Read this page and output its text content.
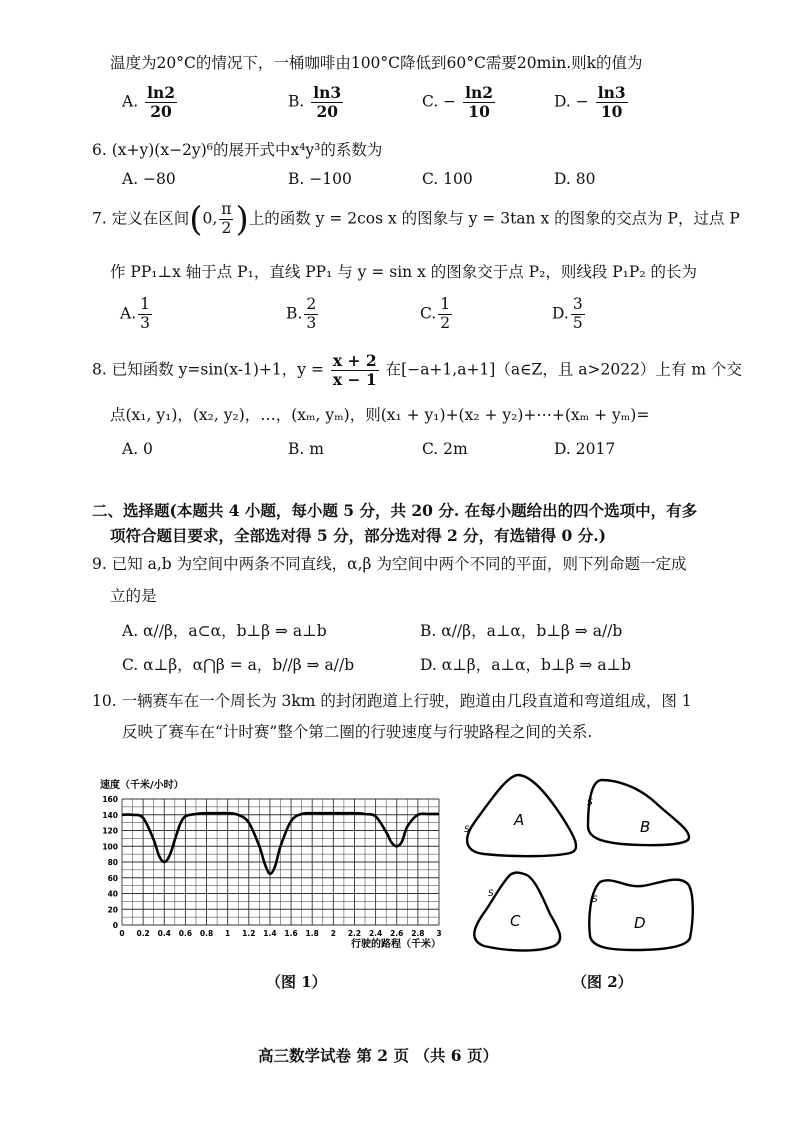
温度为20°C的情况下，一桶咖啡由100°C降低到60°C需要20min.则k的值为
A. $\frac{\ln 2}{20}$	B. $\frac{\ln 3}{20}$	C. − $\frac{\ln 2}{10}$	D. − $\frac{\ln 3}{10}$
6. (x+y)(x−2y)⁶的展开式中x⁴y³的系数为
A. −80	B. −100	C. 100	D. 80
7. 定义在区间(0, $\frac{\pi}{2}$ )上的函数 y = 2cos x 的图象与 y = 3tan x 的图象的交点为 P，过点 P
作 PP₁⊥x 轴于点 P₁，直线 PP₁ 与 y = sin x 的图象交于点 P₂，则线段 P₁P₂ 的长为
A. $\frac{1}{3}$	B. $\frac{2}{3}$	C. $\frac{1}{2}$	D. $\frac{3}{5}$
8. 已知函数 y=sin(x-1)+1，$y = \frac{x + 2}{x - 1}$ 在[−a+1,a+1]（a∈Z，且 a>2022）上有 m 个交
点(x₁, y₁)，(x₂, y₂)，…，(xₘ, yₘ)，则(x₁ + y₁)+(x₂ + y₂)+⋯+(xₘ + yₘ)=
A. 0	B. m	C. 2m	D. 2017
二、选择题(本题共 4 小题，每小题 5 分，共 20 分. 在每小题给出的四个选项中，有多
项符合题目要求，全部选对得 5 分，部分选对得 2 分，有选错得 0 分.)
9. 已知 a,b 为空间中两条不同直线，α,β 为空间中两个不同的平面，则下列命题一定成
立的是
A. α//β，a⊂α，b⊥β ⇒ a⊥b	B. α//β，a⊥α，b⊥β ⇒ a//b
C. α⊥β，α⋂β = a，b//β ⇒ a//b	D. α⊥β，a⊥α，b⊥β ⇒ a⊥b
10. 一辆赛车在一个周长为 3km 的封闭跑道上行驶，跑道由几段直道和弯道组成，图 1
反映了赛车在“计时赛”整个第二圈的行驶速度与行驶路程之间的关系.
速度（千米/小时）
0
20
40
60
80
100
120
140
160
0 0.2 0.4 0.6 0.8 1 1.2 1.4 1.6 1.8 2 2.2 2.4 2.6 2.8 3
行驶的路程（千米）
（图 1）
A
S	B
S
C
S
D
S
（图 2）
高三数学试卷 第 2 页 （共 6 页）
